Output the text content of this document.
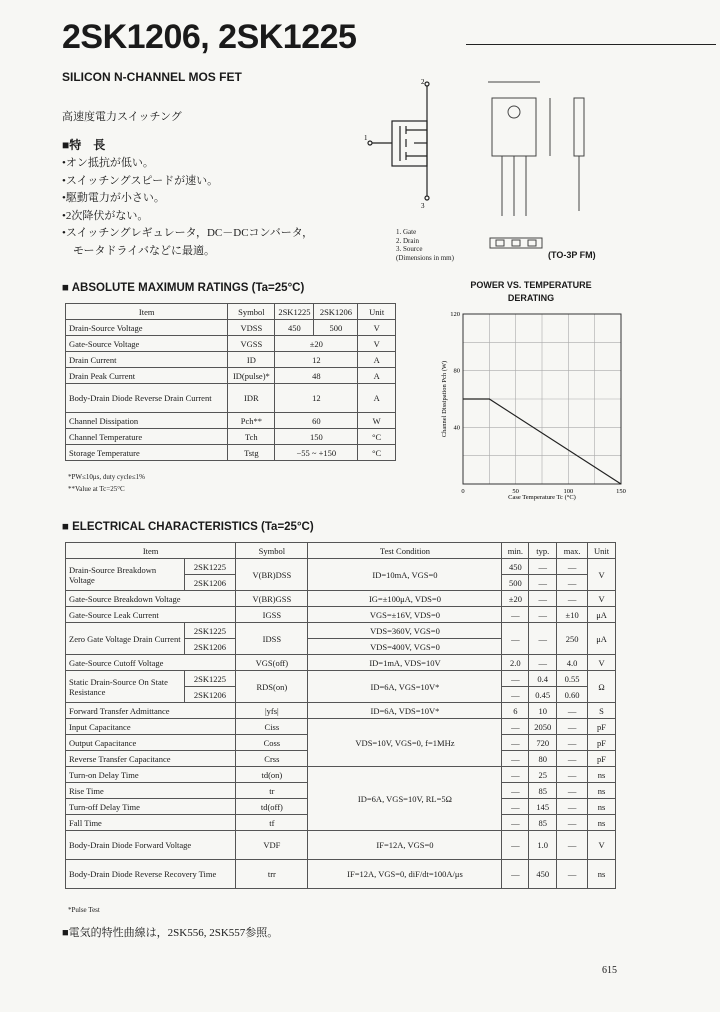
2SK1206, 2SK1225
SILICON N-CHANNEL MOS FET
高速度電力スイッチング
■特　長
•オン抵抗が低い。
•スイッチングスピードが速い。
•駆動電力が小さい。
•2次降伏がない。
•スイッチングレギュレータ，DC－DCコンバータ，
　モータドライバなどに最適。
2
1
3
1. Gate
2. Drain
3. Source
(Dimensions in mm)	(TO-3P FM)
■ ABSOLUTE MAXIMUM RATINGS (Ta=25°C)
Item	Symbol	2SK1225	2SK1206	Unit
Drain-Source Voltage	VDSS	450	500	V
Gate-Source Voltage	VGSS	±20		V
Drain Current	ID	12		A
Drain Peak Current	ID(pulse)*	48		A
Body-Drain Diode Reverse Drain Current	IDR	12		A
Channel Dissipation	Pch**	60		W
Channel Temperature	Tch	150		°C
Storage Temperature	Tstg	−55 ~ +150		°C
*PW≤10μs, duty cycle≤1%
**Value at Tc=25°C
POWER VS. TEMPERATURE DERATING
0	50	100	150
40
80
120
Case Temperature Tc (°C)
Channel Dissipation Pch (W)
■ ELECTRICAL CHARACTERISTICS (Ta=25°C)
Item		Symbol	Test Condition	min.	typ.	max.	Unit
Drain-Source Breakdown Voltage	2SK1225	V(BR)DSS	ID=10mA, VGS=0	450	—	—	V
	2SK1206			500	—	—	
Gate-Source Breakdown Voltage		V(BR)GSS	IG=±100μA, VDS=0	±20	—	—	V
Gate-Source Leak Current		IGSS	VGS=±16V, VDS=0	—	—	±10	μA
Zero Gate Voltage Drain Current	2SK1225	IDSS	VDS=360V, VGS=0	—	—	250	μA
	2SK1206		VDS=400V, VGS=0				
Gate-Source Cutoff Voltage		VGS(off)	ID=1mA, VDS=10V	2.0	—	4.0	V
Static Drain-Source On State Resistance	2SK1225	RDS(on)	ID=6A, VGS=10V*	—	0.4	0.55	Ω
	2SK1206			—	0.45	0.60	
Forward Transfer Admittance		|yfs|	ID=6A, VDS=10V*	6	10	—	S
Input Capacitance		Ciss	VDS=10V, VGS=0, f=1MHz	—	2050	—	pF
Output Capacitance		Coss		—	720	—	pF
Reverse Transfer Capacitance		Crss		—	80	—	pF
Turn-on Delay Time		td(on)	ID=6A, VGS=10V, RL=5Ω	—	25	—	ns
Rise Time		tr		—	85	—	ns
Turn-off Delay Time		td(off)		—	145	—	ns
Fall Time		tf		—	85	—	ns
Body-Drain Diode Forward Voltage		VDF	IF=12A, VGS=0	—	1.0	—	V
Body-Drain Diode Reverse Recovery Time		trr	IF=12A, VGS=0, diF/dt=100A/μs	—	450	—	ns
*Pulse Test
■電気的特性曲線は，2SK556, 2SK557参照。
615
